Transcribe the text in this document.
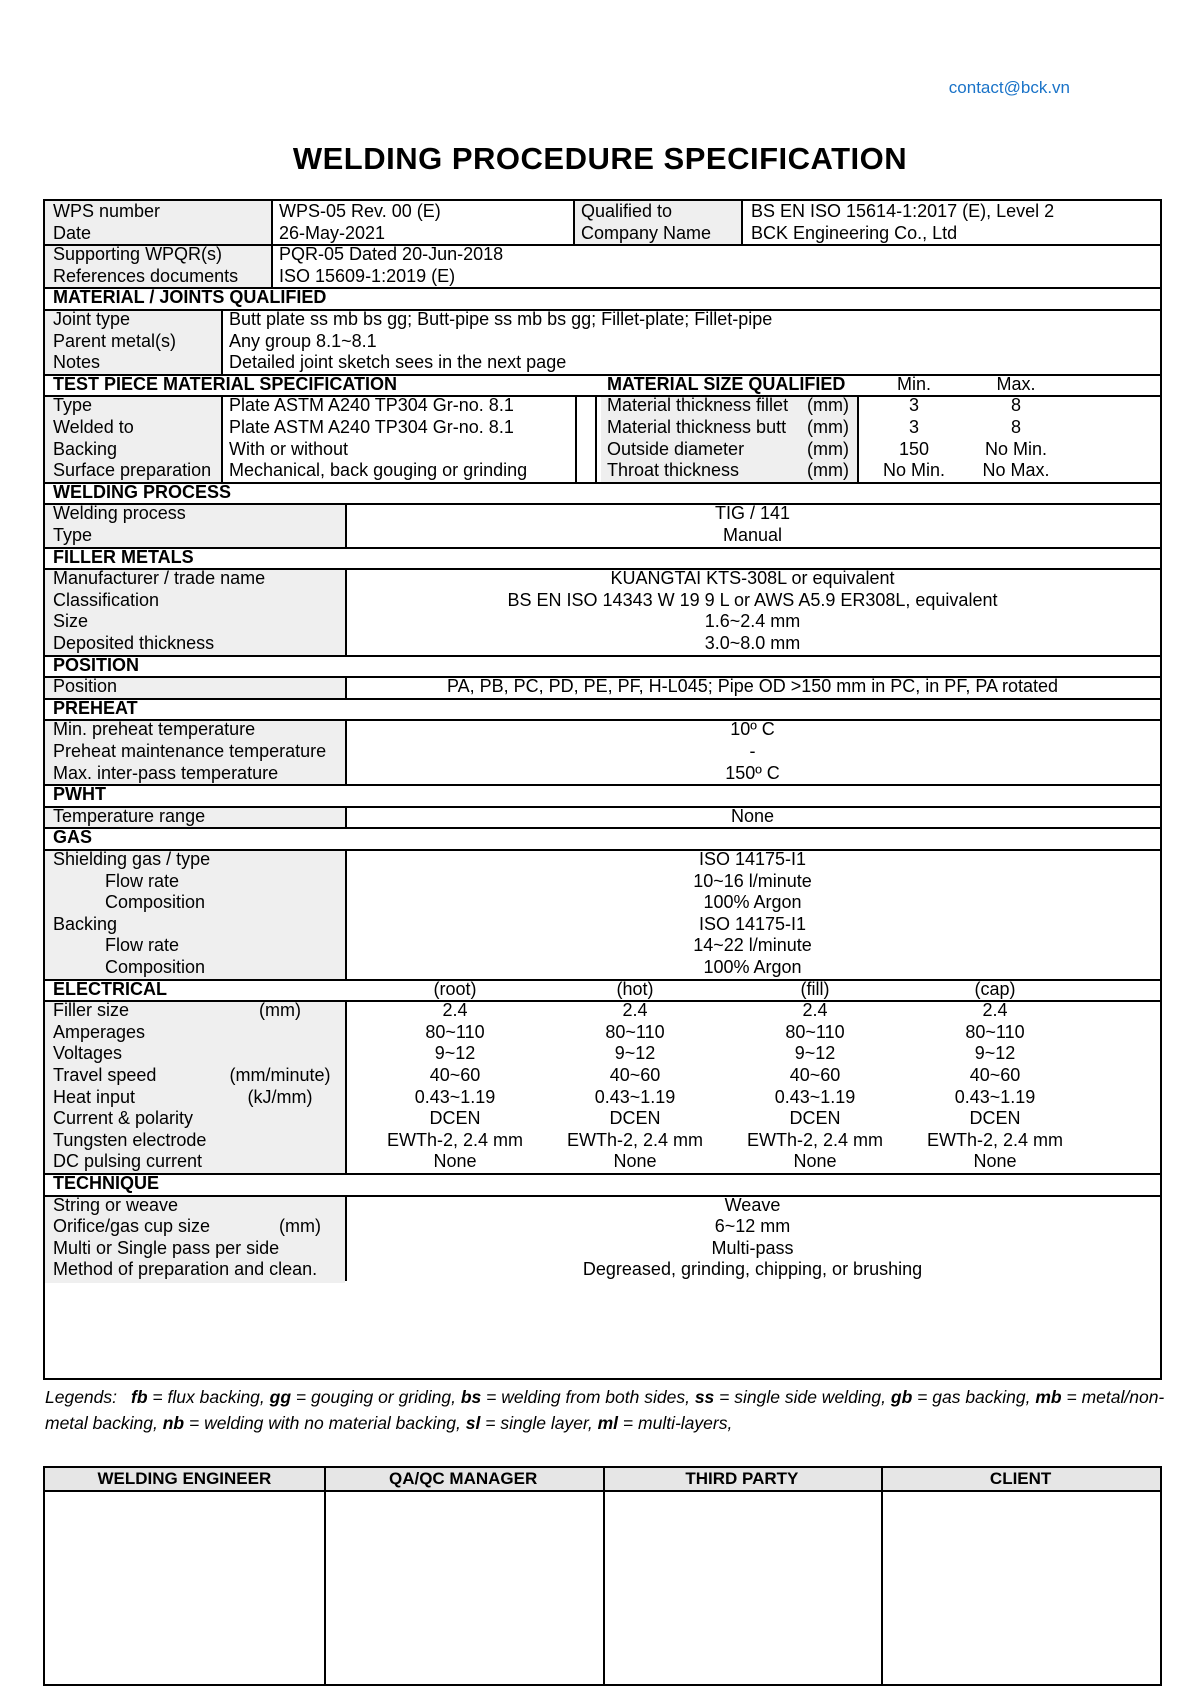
contact@bck.vn
WELDING PROCEDURE SPECIFICATION
WPS number	WPS-05 Rev. 00 (E)	Qualified to	BS EN ISO 15614-1:2017 (E), Level 2
Date	26-May-2021	Company Name BCK Engineering Co., Ltd
Supporting WPQR(s)	PQR-05 Dated 20-Jun-2018
References documents ISO 15609-1:2019 (E)
MATERIAL / JOINTS QUALIFIED
Joint type	Butt plate ss mb bs gg; Butt-pipe ss mb bs gg; Fillet-plate; Fillet-pipe
Parent metal(s)	Any group 8.1~8.1
Notes	Detailed joint sketch sees in the next page
TEST PIECE MATERIAL SPECIFICATION	MATERIAL SIZE QUALIFIED	Min.	Max.
Type	Plate ASTM A240 TP304 Gr-no. 8.1
Welded to	Plate ASTM A240 TP304 Gr-no. 8.1
Backing	With or without
Surface preparation Mechanical, back gouging or grinding
Material thickness fillet (mm)	3	8
Material thickness butt (mm)	3	8
Outside diameter	(mm)	150	No Min.
Throat thickness	(mm)	No Min.	No Max.
WELDING PROCESS
Welding process	TIG / 141
Type	Manual
FILLER METALS
Manufacturer / trade name	KUANGTAI KTS-308L or equivalent
Classification	BS EN ISO 14343 W 19 9 L or AWS A5.9 ER308L, equivalent
Size	1.6~2.4 mm
Deposited thickness	3.0~8.0 mm
POSITION
Position	PA, PB, PC, PD, PE, PF, H-L045; Pipe OD >150 mm in PC, in PF, PA rotated
PREHEAT
Min. preheat temperature	10º C
Preheat maintenance temperature	-
Max. inter-pass temperature	150º C
PWHT
Temperature range	None
GAS
Shielding gas / type	ISO 14175-I1
Flow rate	10~16 l/minute
Composition	100% Argon
Backing	ISO 14175-I1
Flow rate	14~22 l/minute
Composition	100% Argon
ELECTRICAL	(root)	(hot)	(fill)	(cap)
Filler size	(mm)	2.4	2.4	2.4	2.4
Amperages	80~110	80~110	80~110	80~110
Voltages	9~12	9~12	9~12	9~12
Travel speed	(mm/minute)	40~60	40~60	40~60	40~60
Heat input	(kJ/mm)	0.43~1.19	0.43~1.19	0.43~1.19	0.43~1.19
Current & polarity	DCEN	DCEN	DCEN	DCEN
Tungsten electrode	EWTh-2, 2.4 mm	EWTh-2, 2.4 mm	EWTh-2, 2.4 mm	EWTh-2, 2.4 mm
DC pulsing current	None	None	None	None
TECHNIQUE
String or weave	Weave
Orifice/gas cup size	(mm)	6~12 mm
Multi or Single pass per side	Multi-pass
Method of preparation and clean.	Degreased, grinding, chipping, or brushing
Legends: fb = flux backing, gg = gouging or griding, bs = welding from both sides, ss = single side welding, gb = gas backing, mb = metal/non-metal backing, nb = welding with no material backing, sl = single layer, ml = multi-layers,
WELDING ENGINEER	QA/QC MANAGER	THIRD PARTY	CLIENT
